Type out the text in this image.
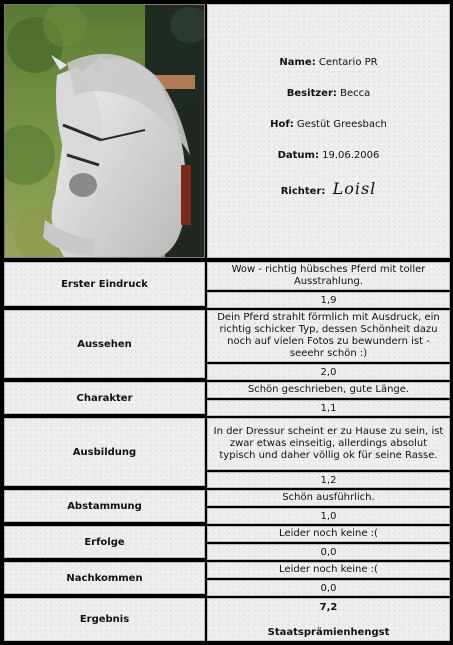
Name: Centario PR
Besitzer: Becca
Hof: Gestüt Greesbach
Datum: 19.06.2006
Richter: Loisl
Erster Eindruck
Wow - richtig hübsches Pferd mit toller Ausstrahlung.
1,9
Aussehen
Dein Pferd strahlt förmlich mit Ausdruck, ein richtig schicker Typ, dessen Schönheit dazu noch auf vielen Fotos zu bewundern ist - seeehr schön :)
2,0
Charakter
Schön geschrieben, gute Länge.
1,1
Ausbildung
In der Dressur scheint er zu Hause zu sein, ist zwar etwas einseitig, allerdings absolut typisch und daher völlig ok für seine Rasse.
1,2
Abstammung
Schön ausführlich.
1,0
Erfolge
Leider noch keine :(
0,0
Nachkommen
Leider noch keine :(
0,0
Ergebnis
7,2
Staatsprämienhengst
